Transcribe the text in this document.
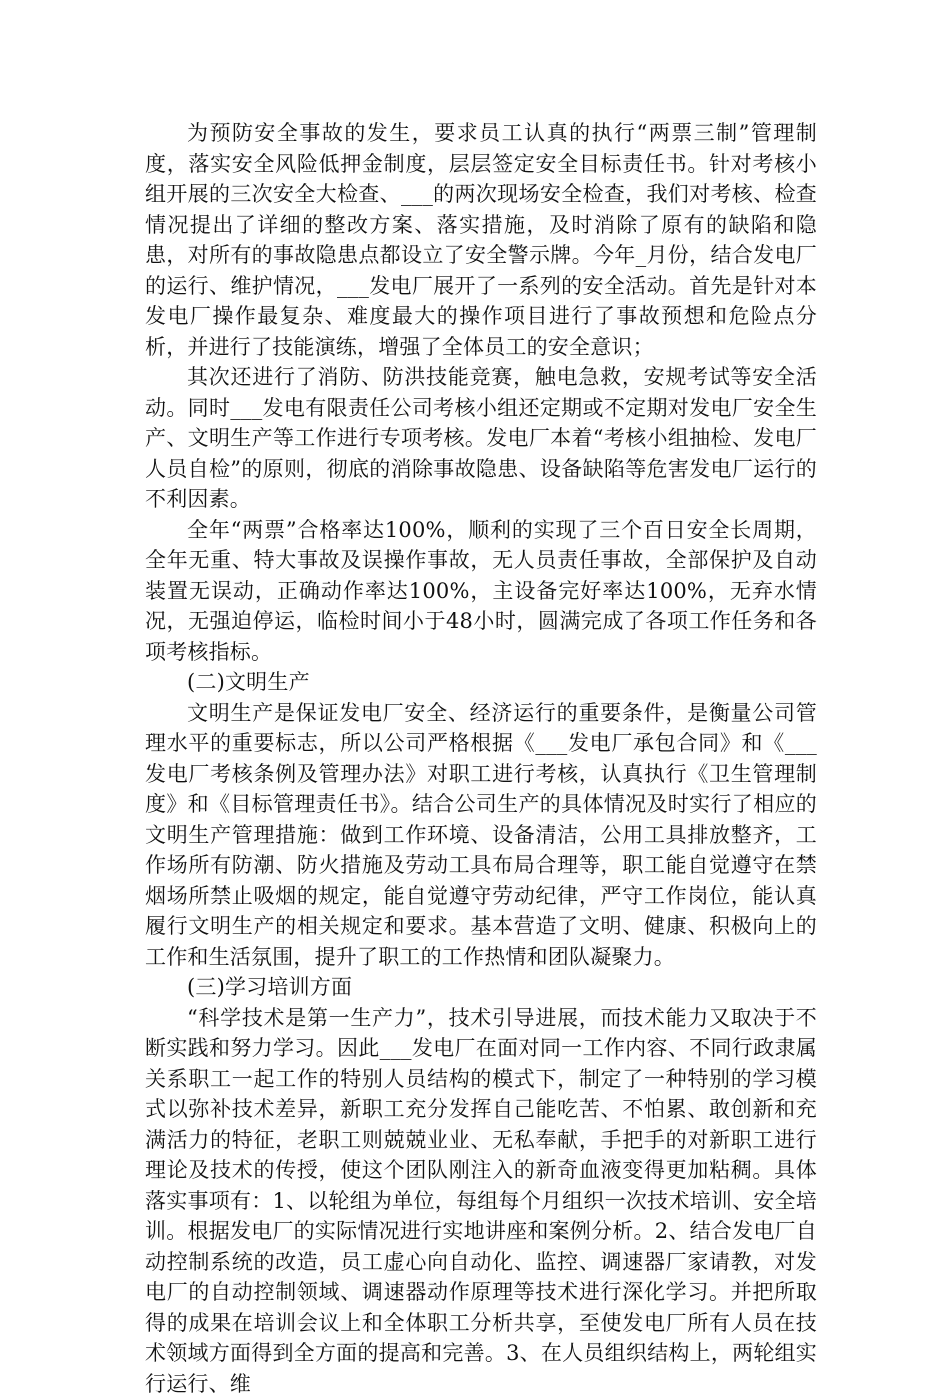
为预防安全事故的发生，要求员工认真的执行“两票三制”管理制度，落实安全风险低押金制度，层层签定安全目标责任书。针对考核小组开展的三次安全大检查、___的两次现场安全检查，我们对考核、检查情况提出了详细的整改方案、落实措施，及时消除了原有的缺陷和隐患，对所有的事故隐患点都设立了安全警示牌。今年_月份，结合发电厂的运行、维护情况，___发电厂展开了一系列的安全活动。首先是针对本发电厂操作最复杂、难度最大的操作项目进行了事故预想和危险点分析，并进行了技能演练，增强了全体员工的安全意识；

其次还进行了消防、防洪技能竞赛，触电急救，安规考试等安全活动。同时___发电有限责任公司考核小组还定期或不定期对发电厂安全生产、文明生产等工作进行专项考核。发电厂本着“考核小组抽检、发电厂人员自检”的原则，彻底的消除事故隐患、设备缺陷等危害发电厂运行的不利因素。

全年“两票”合格率达100%，顺利的实现了三个百日安全长周期，全年无重、特大事故及误操作事故，无人员责任事故，全部保护及自动装置无误动，正确动作率达100%，主设备完好率达100%，无弃水情况，无强迫停运，临检时间小于48小时，圆满完成了各项工作任务和各项考核指标。

(二)文明生产

文明生产是保证发电厂安全、经济运行的重要条件，是衡量公司管理水平的重要标志，所以公司严格根据《___发电厂承包合同》和《___发电厂考核条例及管理办法》对职工进行考核，认真执行《卫生管理制度》和《目标管理责任书》。结合公司生产的具体情况及时实行了相应的文明生产管理措施：做到工作环境、设备清洁，公用工具排放整齐，工作场所有防潮、防火措施及劳动工具布局合理等，职工能自觉遵守在禁烟场所禁止吸烟的规定，能自觉遵守劳动纪律，严守工作岗位，能认真履行文明生产的相关规定和要求。基本营造了文明、健康、积极向上的工作和生活氛围，提升了职工的工作热情和团队凝聚力。

(三)学习培训方面

“科学技术是第一生产力”，技术引导进展，而技术能力又取决于不断实践和努力学习。因此___发电厂在面对同一工作内容、不同行政隶属关系职工一起工作的特别人员结构的模式下，制定了一种特别的学习模式以弥补技术差异，新职工充分发挥自己能吃苦、不怕累、敢创新和充满活力的特征，老职工则兢兢业业、无私奉献，手把手的对新职工进行理论及技术的传授，使这个团队刚注入的新奇血液变得更加粘稠。具体落实事项有：1、以轮组为单位，每组每个月组织一次技术培训、安全培训。根据发电厂的实际情况进行实地讲座和案例分析。2、结合发电厂自动控制系统的改造，员工虚心向自动化、监控、调速器厂家请教，对发电厂的自动控制领域、调速器动作原理等技术进行深化学习。并把所取得的成果在培训会议上和全体职工分析共享，至使发电厂所有人员在技术领域方面得到全方面的提高和完善。3、在人员组织结构上，两轮组实行运行、维
